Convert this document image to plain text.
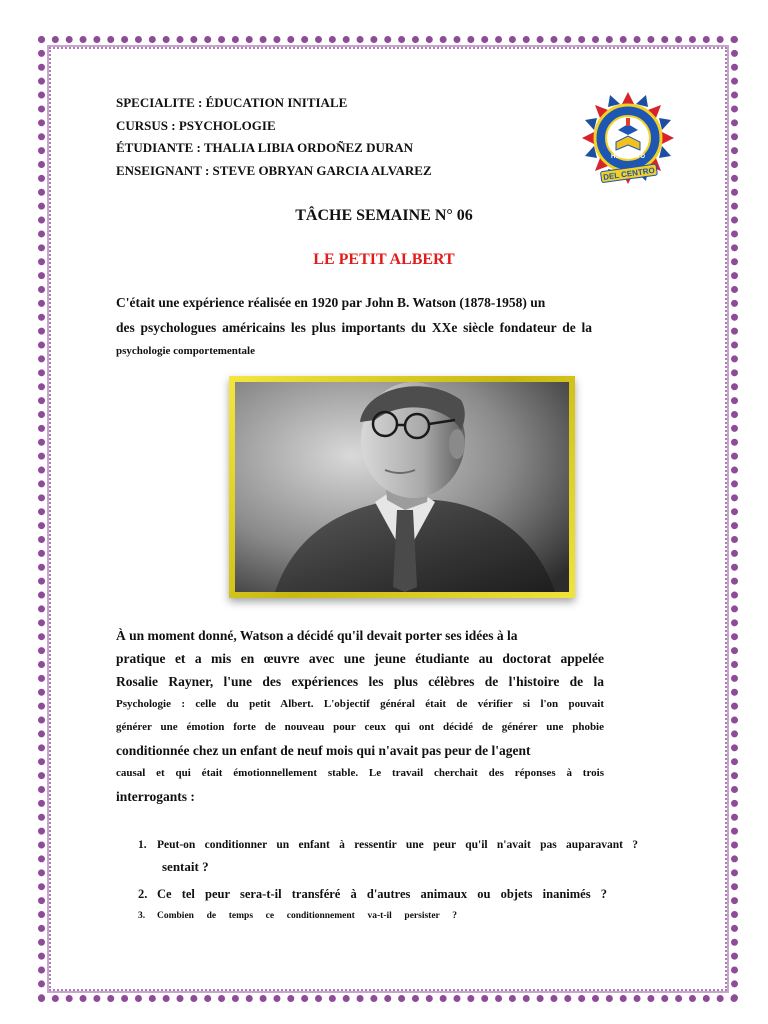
SPECIALITE : ÉDUCATION INITIALE
CURSUS : PSYCHOLOGIE
ÉTUDIANTE : THALIA LIBIA ORDOÑEZ DURAN
ENSEIGNANT : STEVE OBRYAN GARCIA ALVAREZ
HUANCAYO
DEL CENTRO
TÂCHE SEMAINE N° 06
LE PETIT ALBERT
C'était une expérience réalisée en 1920 par John B. Watson (1878-1958) un
des psychologues américains les plus importants du XXe siècle fondateur de la
psychologie comportementale
À un moment donné, Watson a décidé qu'il devait porter ses idées à la
pratique et a mis en œuvre avec une jeune étudiante au doctorat appelée
Rosalie Rayner, l'une des expériences les plus célèbres de l'histoire de la
Psychologie : celle du petit Albert. L'objectif général était de vérifier si l'on pouvait
générer une émotion forte de nouveau pour ceux qui ont décidé de générer une phobie
conditionnée chez un enfant de neuf mois qui n'avait pas peur de l'agent
causal et qui était émotionnellement stable. Le travail cherchait des réponses à trois
interrogants :
1. Peut-on conditionner un enfant à ressentir une peur qu'il n'avait pas auparavant ?
sentait ?
2. Ce tel peur sera-t-il transféré à d'autres animaux ou objets inanimés ?
3. Combien de temps ce conditionnement va-t-il persister ?
